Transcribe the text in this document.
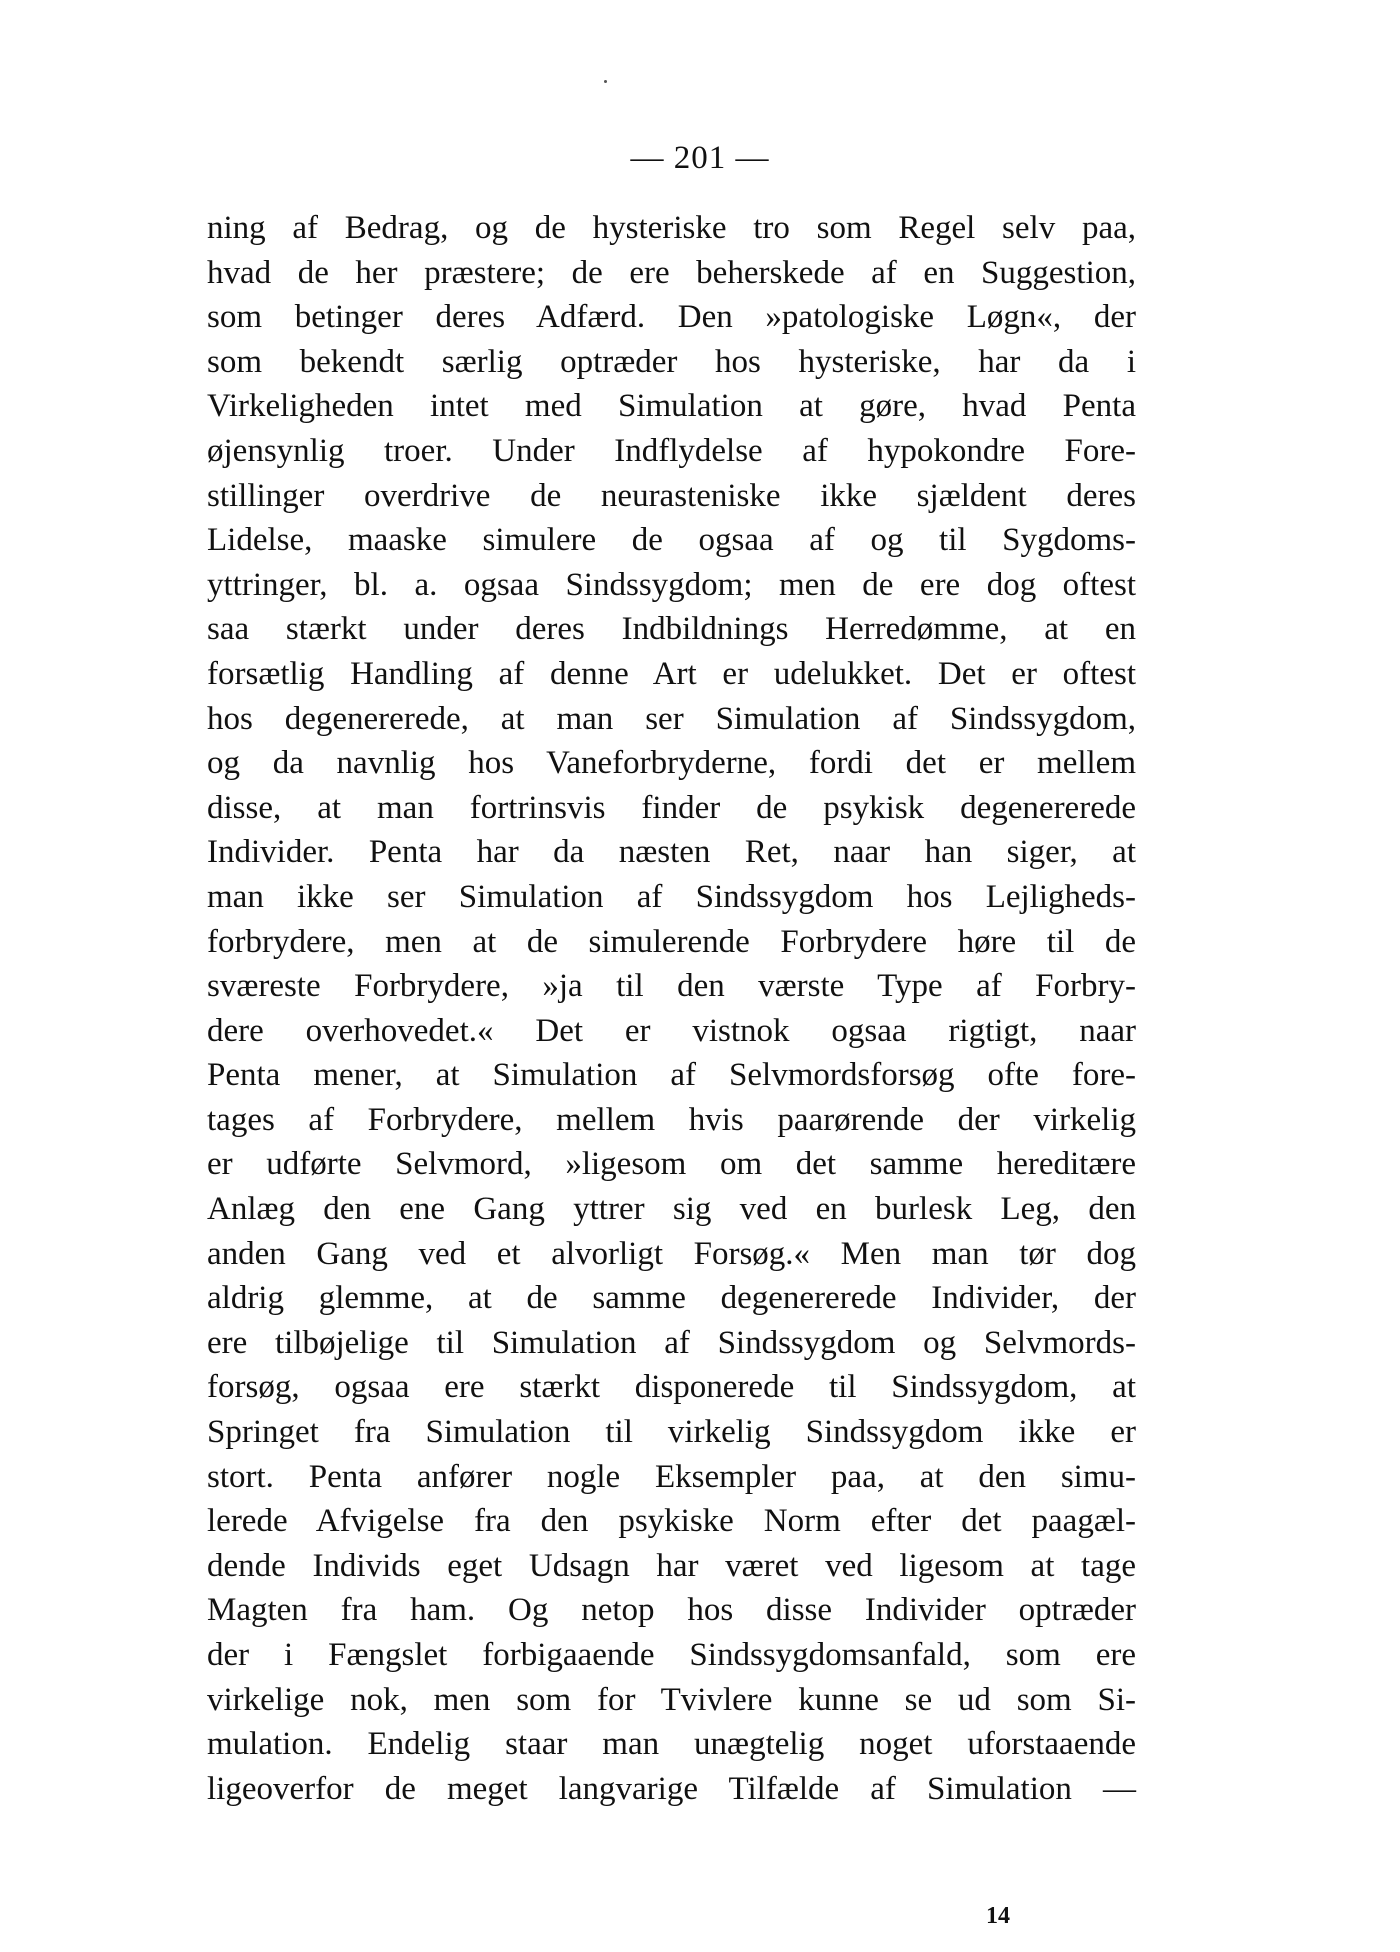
— 201 —
ning af Bedrag, og de hysteriske tro som Regel selv paa,
hvad de her præstere; de ere beherskede af en Suggestion,
som betinger deres Adfærd. Den »patologiske Løgn«, der
som bekendt særlig optræder hos hysteriske, har da i
Virkeligheden intet med Simulation at gøre, hvad Penta
øjensynlig troer. Under Indflydelse af hypokondre Fore-
stillinger overdrive de neurasteniske ikke sjældent deres
Lidelse, maaske simulere de ogsaa af og til Sygdoms-
yttringer, bl. a. ogsaa Sindssygdom; men de ere dog oftest
saa stærkt under deres Indbildnings Herredømme, at en
forsætlig Handling af denne Art er udelukket. Det er oftest
hos degenererede, at man ser Simulation af Sindssygdom,
og da navnlig hos Vaneforbryderne, fordi det er mellem
disse, at man fortrinsvis finder de psykisk degenererede
Individer. Penta har da næsten Ret, naar han siger, at
man ikke ser Simulation af Sindssygdom hos Lejligheds-
forbrydere, men at de simulerende Forbrydere høre til de
sværeste Forbrydere, »ja til den værste Type af Forbry-
dere overhovedet.« Det er vistnok ogsaa rigtigt, naar
Penta mener, at Simulation af Selvmordsforsøg ofte fore-
tages af Forbrydere, mellem hvis paarørende der virkelig
er udførte Selvmord, »ligesom om det samme hereditære
Anlæg den ene Gang yttrer sig ved en burlesk Leg, den
anden Gang ved et alvorligt Forsøg.« Men man tør dog
aldrig glemme, at de samme degenererede Individer, der
ere tilbøjelige til Simulation af Sindssygdom og Selvmords-
forsøg, ogsaa ere stærkt disponerede til Sindssygdom, at
Springet fra Simulation til virkelig Sindssygdom ikke er
stort. Penta anfører nogle Eksempler paa, at den simu-
lerede Afvigelse fra den psykiske Norm efter det paagæl-
dende Individs eget Udsagn har været ved ligesom at tage
Magten fra ham. Og netop hos disse Individer optræder
der i Fængslet forbigaaende Sindssygdomsanfald, som ere
virkelige nok, men som for Tvivlere kunne se ud som Si-
mulation. Endelig staar man unægtelig noget uforstaaende
ligeoverfor de meget langvarige Tilfælde af Simulation —
14
